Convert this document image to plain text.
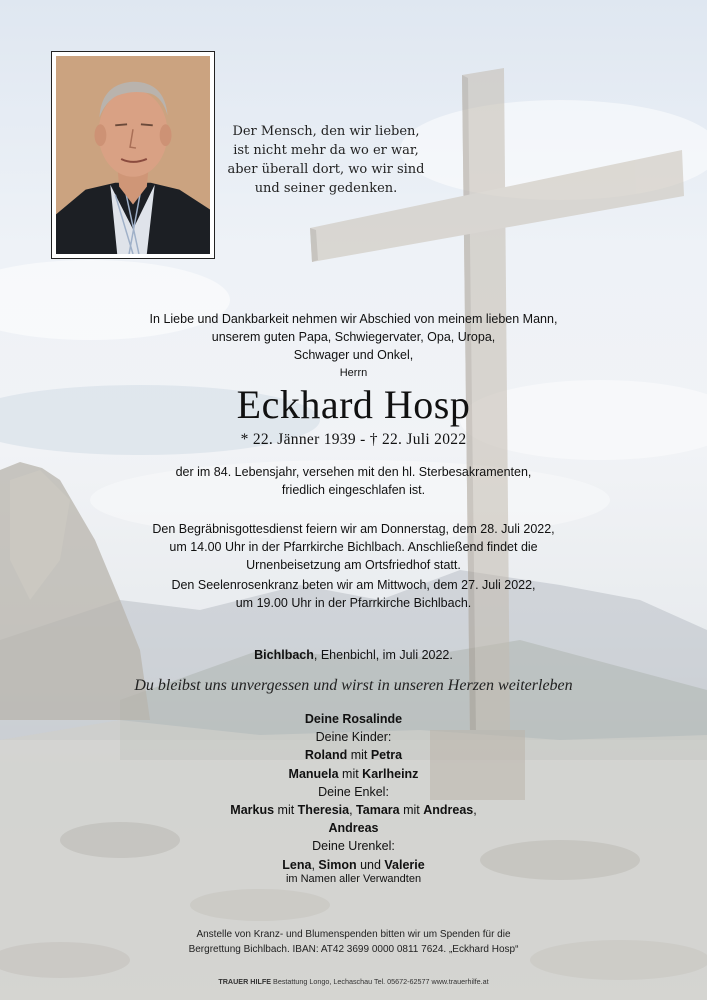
Der Mensch, den wir lieben,
ist nicht mehr da wo er war,
aber überall dort, wo wir sind
und seiner gedenken.
In Liebe und Dankbarkeit nehmen wir Abschied von meinem lieben Mann,
unserem guten Papa, Schwiegervater, Opa, Uropa,
Schwager und Onkel,
Herrn
Eckhard Hosp
* 22. Jänner 1939 - † 22. Juli 2022
der im 84. Lebensjahr, versehen mit den hl. Sterbesakramenten,
friedlich eingeschlafen ist.
Den Begräbnisgottesdienst feiern wir am Donnerstag, dem 28. Juli 2022,
um 14.00 Uhr in der Pfarrkirche Bichlbach. Anschließend findet die
Urnenbeisetzung am Ortsfriedhof statt.
Den Seelenrosenkranz beten wir am Mittwoch, dem 27. Juli 2022,
um 19.00 Uhr in der Pfarrkirche Bichlbach.
Bichlbach, Ehenbichl, im Juli 2022.
Du bleibst uns unvergessen und wirst in unseren Herzen weiterleben
Deine Rosalinde
Deine Kinder:
Roland mit Petra
Manuela mit Karlheinz
Deine Enkel:
Markus mit Theresia, Tamara mit Andreas,
Andreas
Deine Urenkel:
Lena, Simon und Valerie
im Namen aller Verwandten
Anstelle von Kranz- und Blumenspenden bitten wir um Spenden für die
Bergrettung Bichlbach. IBAN: AT42 3699 0000 0811 7624. „Eckhard Hosp“
TRAUER HILFE Bestattung Longo, Lechaschau Tel. 05672-62577 www.trauerhilfe.at
